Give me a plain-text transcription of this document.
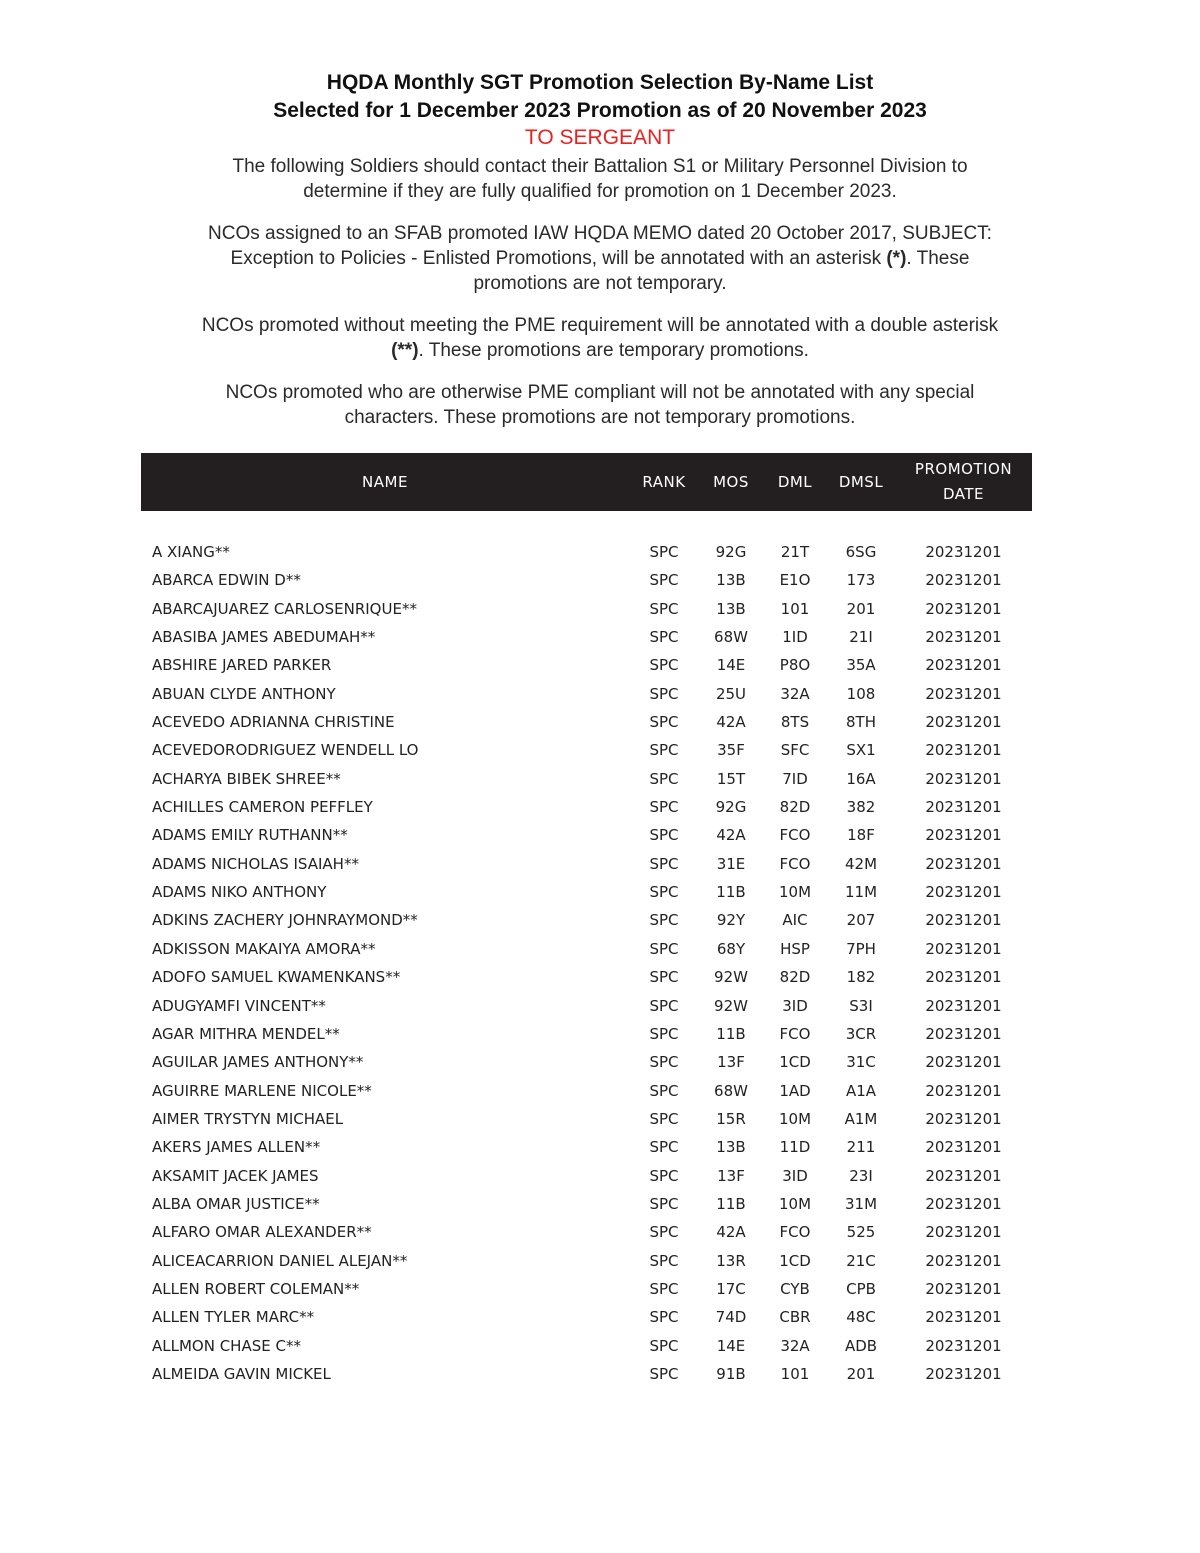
HQDA Monthly SGT Promotion Selection By-Name List
Selected for 1 December 2023 Promotion as of 20 November 2023
TO SERGEANT
The following Soldiers should contact their Battalion S1 or Military Personnel Division to
determine if they are fully qualified for promotion on 1 December 2023.
NCOs assigned to an SFAB promoted IAW HQDA MEMO dated 20 October 2017, SUBJECT:
Exception to Policies - Enlisted Promotions, will be annotated with an asterisk (*). These
promotions are not temporary.
NCOs promoted without meeting the PME requirement will be annotated with a double asterisk
(**). These promotions are temporary promotions.
NCOs promoted who are otherwise PME compliant will not be annotated with any special
characters. These promotions are not temporary promotions.
NAME	RANK	MOS	DML	DMSL
PROMOTION
DATE
A XIANG**	SPC	92G	21T	6SG	20231201
ABARCA EDWIN D**	SPC	13B	E1O	173	20231201
ABARCAJUAREZ CARLOSENRIQUE**	SPC	13B	101	201	20231201
ABASIBA JAMES ABEDUMAH**	SPC	68W	1ID	21I	20231201
ABSHIRE JARED PARKER	SPC	14E	P8O	35A	20231201
ABUAN CLYDE ANTHONY	SPC	25U	32A	108	20231201
ACEVEDO ADRIANNA CHRISTINE	SPC	42A	8TS	8TH	20231201
ACEVEDORODRIGUEZ WENDELL LO	SPC	35F	SFC	SX1	20231201
ACHARYA BIBEK SHREE**	SPC	15T	7ID	16A	20231201
ACHILLES CAMERON PEFFLEY	SPC	92G	82D	382	20231201
ADAMS EMILY RUTHANN**	SPC	42A	FCO	18F	20231201
ADAMS NICHOLAS ISAIAH**	SPC	31E	FCO	42M	20231201
ADAMS NIKO ANTHONY	SPC	11B	10M	11M	20231201
ADKINS ZACHERY JOHNRAYMOND**	SPC	92Y	AIC	207	20231201
ADKISSON MAKAIYA AMORA**	SPC	68Y	HSP	7PH	20231201
ADOFO SAMUEL KWAMENKANS**	SPC	92W	82D	182	20231201
ADUGYAMFI VINCENT**	SPC	92W	3ID	S3I	20231201
AGAR MITHRA MENDEL**	SPC	11B	FCO	3CR	20231201
AGUILAR JAMES ANTHONY**	SPC	13F	1CD	31C	20231201
AGUIRRE MARLENE NICOLE**	SPC	68W	1AD	A1A	20231201
AIMER TRYSTYN MICHAEL	SPC	15R	10M	A1M	20231201
AKERS JAMES ALLEN**	SPC	13B	11D	211	20231201
AKSAMIT JACEK JAMES	SPC	13F	3ID	23I	20231201
ALBA OMAR JUSTICE**	SPC	11B	10M	31M	20231201
ALFARO OMAR ALEXANDER**	SPC	42A	FCO	525	20231201
ALICEACARRION DANIEL ALEJAN**	SPC	13R	1CD	21C	20231201
ALLEN ROBERT COLEMAN**	SPC	17C	CYB	CPB	20231201
ALLEN TYLER MARC**	SPC	74D	CBR	48C	20231201
ALLMON CHASE C**	SPC	14E	32A	ADB	20231201
ALMEIDA GAVIN MICKEL	SPC	91B	101	201	20231201
